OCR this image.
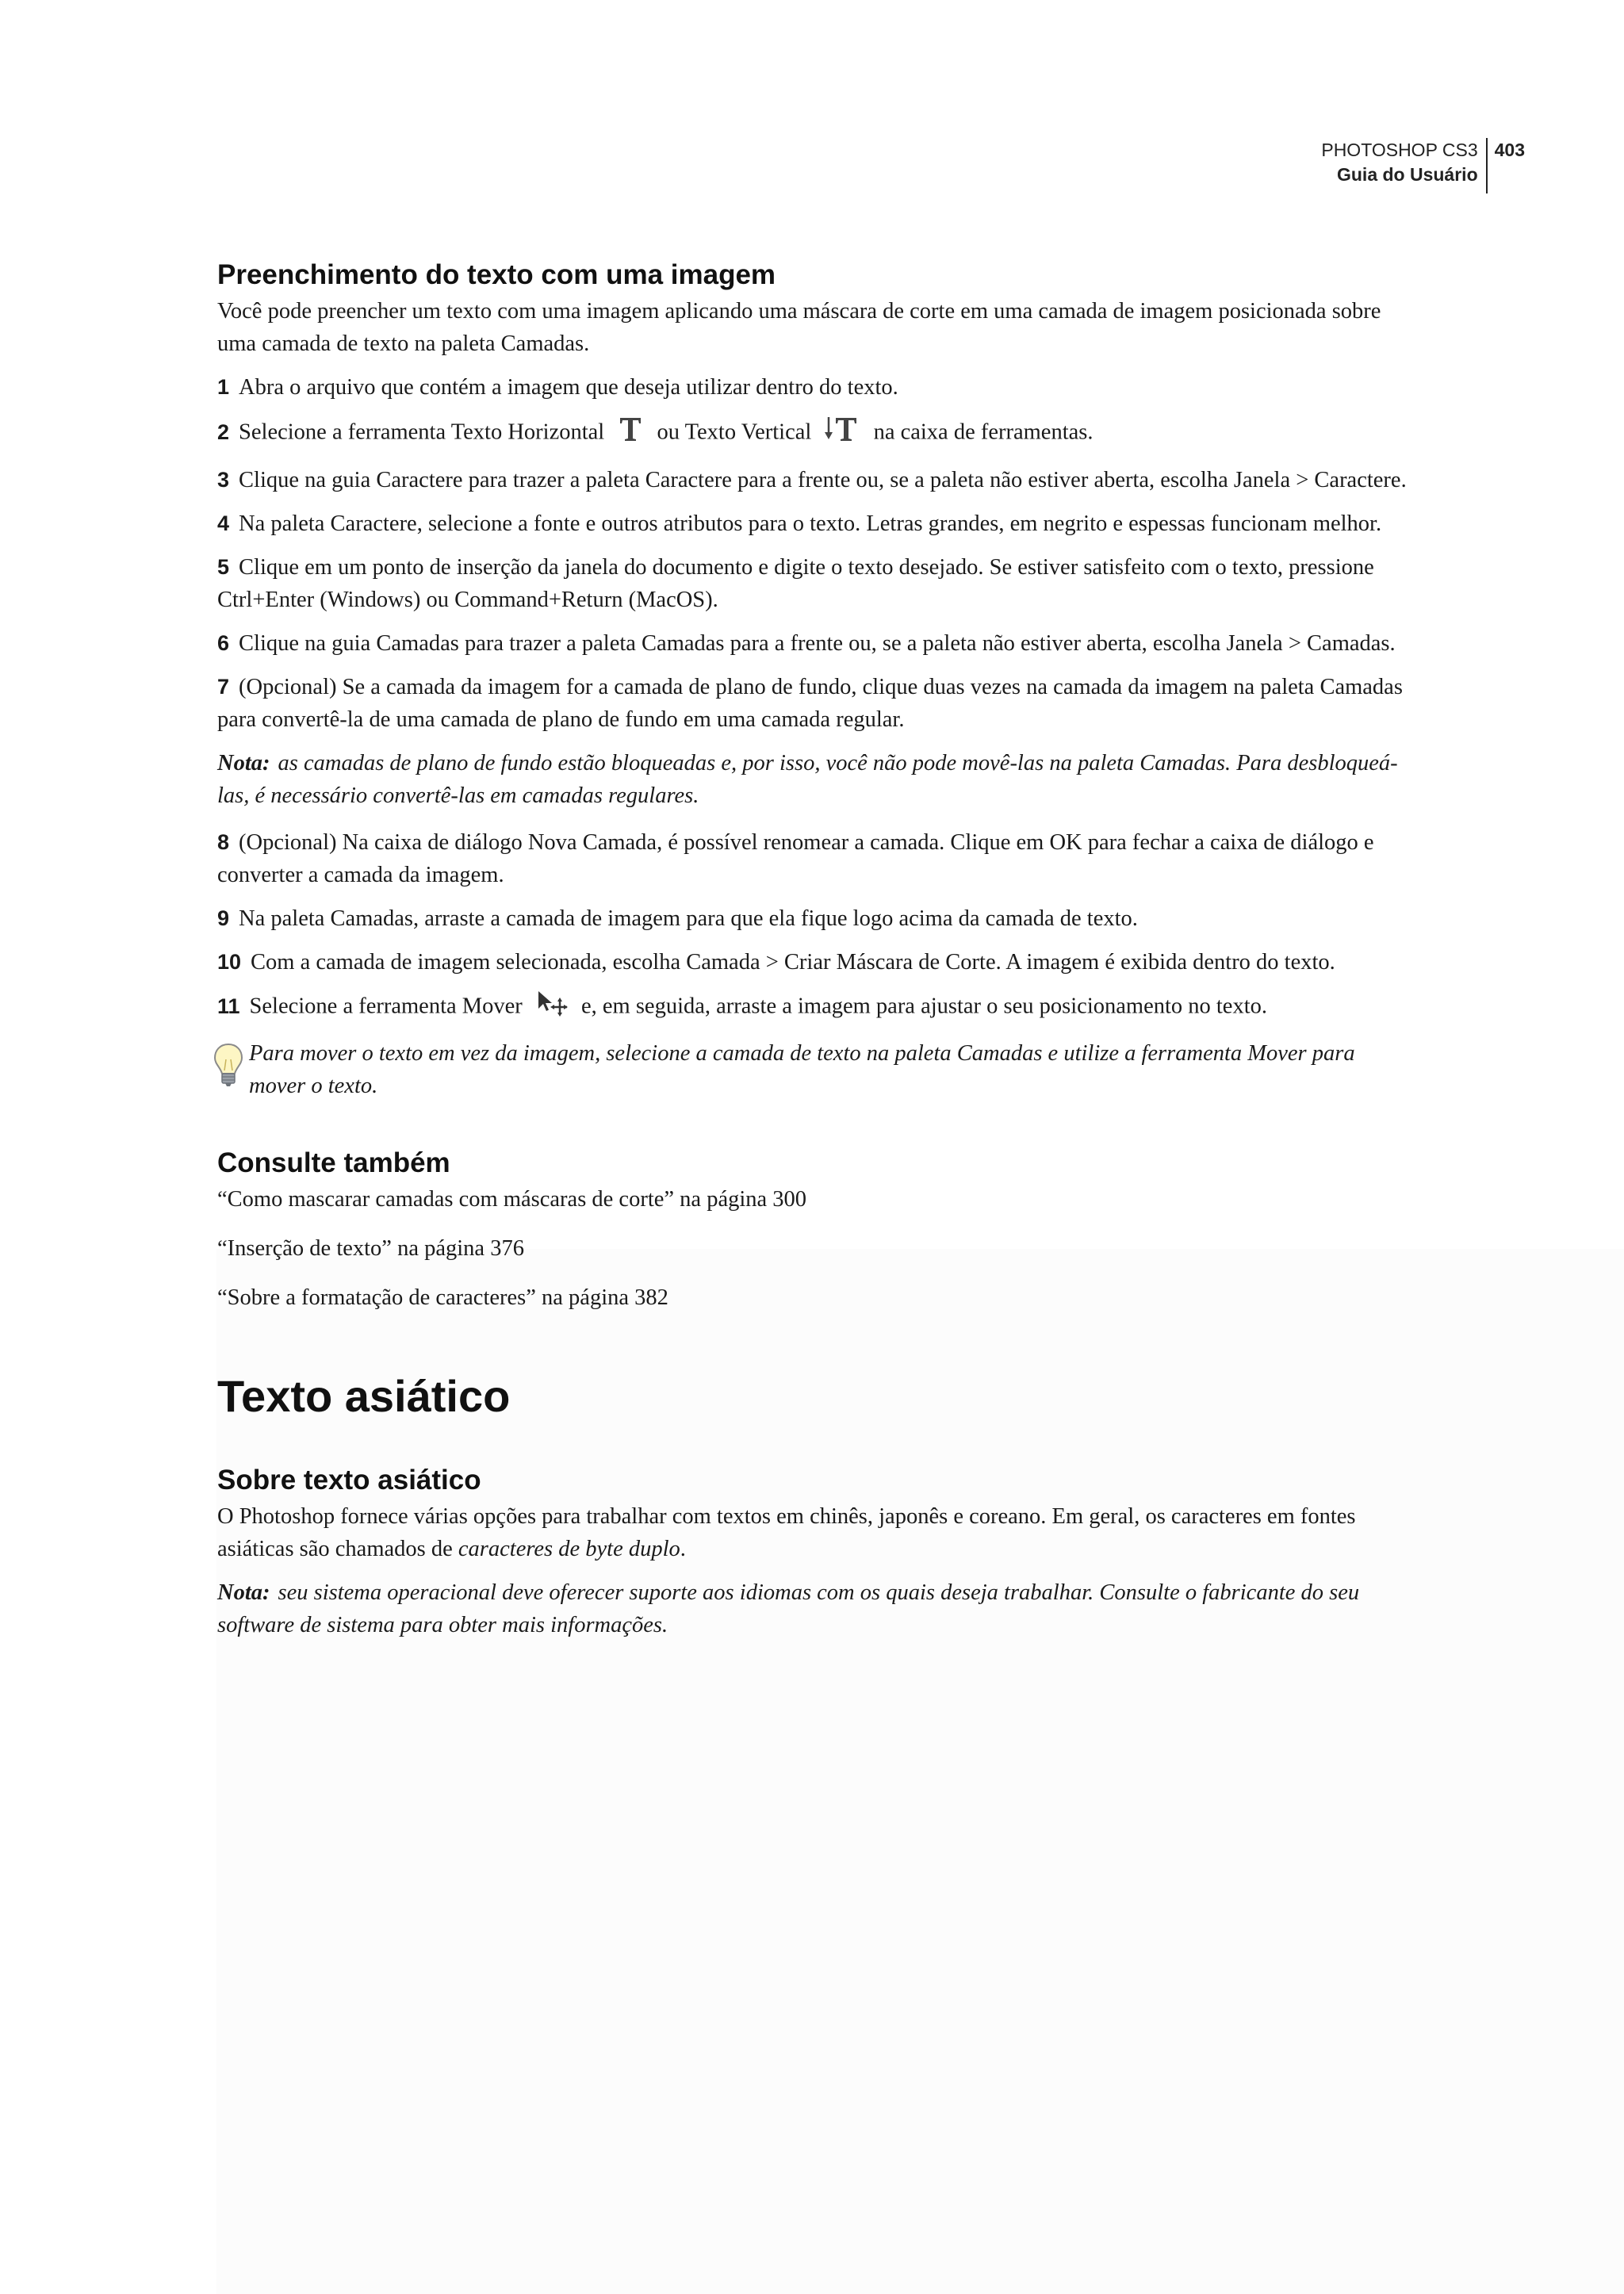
PHOTOSHOP CS3
Guia do Usuário
403
Preenchimento do texto com uma imagem

Você pode preencher um texto com uma imagem aplicando uma máscara de corte em uma camada de imagem posicionada sobre uma camada de texto na paleta Camadas.

1 Abra o arquivo que contém a imagem que deseja utilizar dentro do texto.
2 Selecione a ferramenta Texto Horizontal ou Texto Vertical	na caixa de ferramentas.
3 Clique na guia Caractere para trazer a paleta Caractere para a frente ou, se a paleta não estiver aberta, escolha Janela > Caractere.
4 Na paleta Caractere, selecione a fonte e outros atributos para o texto. Letras grandes, em negrito e espessas funcionam melhor.
5 Clique em um ponto de inserção da janela do documento e digite o texto desejado. Se estiver satisfeito com o texto, pressione Ctrl+Enter (Windows) ou Command+Return (MacOS).
6 Clique na guia Camadas para trazer a paleta Camadas para a frente ou, se a paleta não estiver aberta, escolha Janela > Camadas.
7 (Opcional) Se a camada da imagem for a camada de plano de fundo, clique duas vezes na camada da imagem na paleta Camadas para convertê-la de uma camada de plano de fundo em uma camada regular.
Nota: as camadas de plano de fundo estão bloqueadas e, por isso, você não pode movê-las na paleta Camadas. Para desbloqueá-las, é necessário convertê-las em camadas regulares.
8 (Opcional) Na caixa de diálogo Nova Camada, é possível renomear a camada. Clique em OK para fechar a caixa de diálogo e converter a camada da imagem.
9 Na paleta Camadas, arraste a camada de imagem para que ela fique logo acima da camada de texto.
10 Com a camada de imagem selecionada, escolha Camada > Criar Máscara de Corte. A imagem é exibida dentro do texto.
11 Selecione a ferramenta Mover	e, em seguida, arraste a imagem para ajustar o seu posicionamento no texto.
Para mover o texto em vez da imagem, selecione a camada de texto na paleta Camadas e utilize a ferramenta Mover para mover o texto.
Consulte também
“Como mascarar camadas com máscaras de corte” na página 300
“Inserção de texto” na página 376
“Sobre a formatação de caracteres” na página 382
Texto asiático
Sobre texto asiático

O Photoshop fornece várias opções para trabalhar com textos em chinês, japonês e coreano. Em geral, os caracteres em fontes asiáticas são chamados de caracteres de byte duplo.

Nota: seu sistema operacional deve oferecer suporte aos idiomas com os quais deseja trabalhar. Consulte o fabricante do seu software de sistema para obter mais informações.
